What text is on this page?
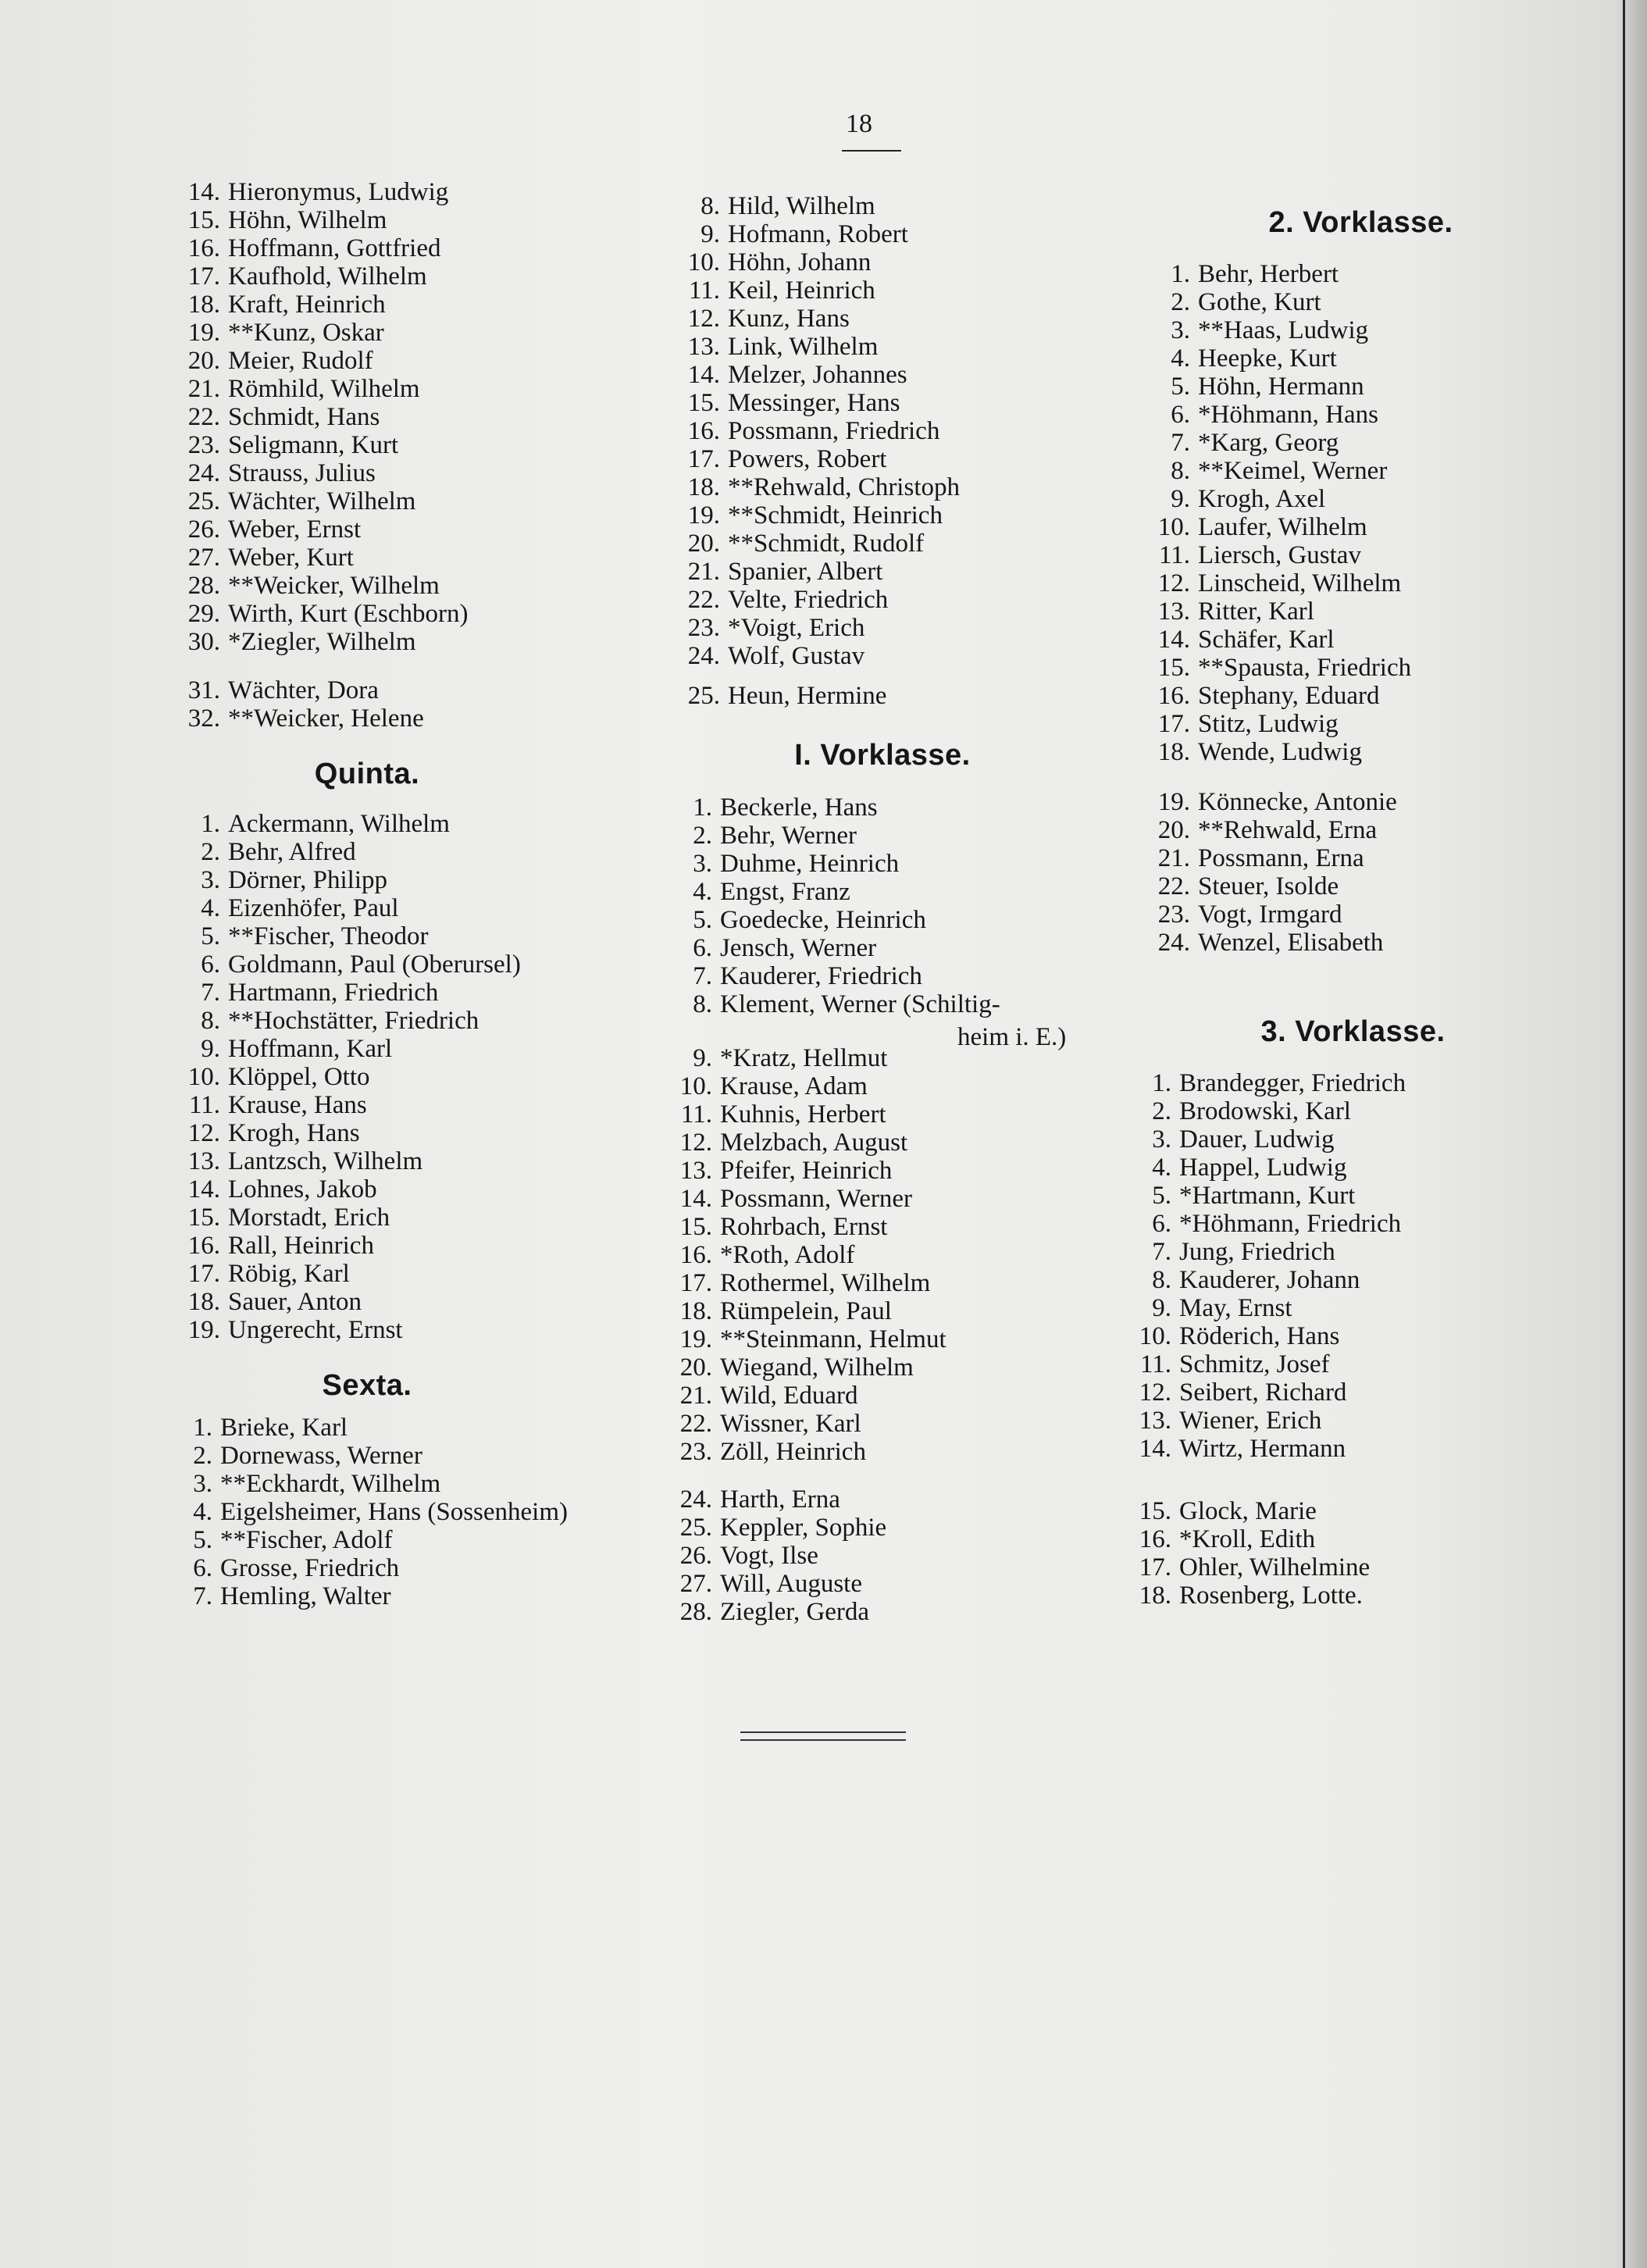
18
14. Hieronymus, Ludwig
15. Höhn, Wilhelm
16. Hoffmann, Gottfried
17. Kaufhold, Wilhelm
18. Kraft, Heinrich
19. **Kunz, Oskar
20. Meier, Rudolf
21. Römhild, Wilhelm
22. Schmidt, Hans
23. Seligmann, Kurt
24. Strauss, Julius
25. Wächter, Wilhelm
26. Weber, Ernst
27. Weber, Kurt
28. **Weicker, Wilhelm
29. Wirth, Kurt (Eschborn)
30. *Ziegler, Wilhelm
31. Wächter, Dora
32. **Weicker, Helene
Quinta.
1. Ackermann, Wilhelm
2. Behr, Alfred
3. Dörner, Philipp
4. Eizenhöfer, Paul
5. **Fischer, Theodor
6. Goldmann, Paul (Oberursel)
7. Hartmann, Friedrich
8. **Hochstätter, Friedrich
9. Hoffmann, Karl
10. Klöppel, Otto
11. Krause, Hans
12. Krogh, Hans
13. Lantzsch, Wilhelm
14. Lohnes, Jakob
15. Morstadt, Erich
16. Rall, Heinrich
17. Röbig, Karl
18. Sauer, Anton
19. Ungerecht, Ernst
Sexta.
1. Brieke, Karl
2. Dornewass, Werner
3. **Eckhardt, Wilhelm
4. Eigelsheimer, Hans (Sossenheim)
5. **Fischer, Adolf
6. Grosse, Friedrich
7. Hemling, Walter
8. Hild, Wilhelm
9. Hofmann, Robert
10. Höhn, Johann
11. Keil, Heinrich
12. Kunz, Hans
13. Link, Wilhelm
14. Melzer, Johannes
15. Messinger, Hans
16. Possmann, Friedrich
17. Powers, Robert
18. **Rehwald, Christoph
19. **Schmidt, Heinrich
20. **Schmidt, Rudolf
21. Spanier, Albert
22. Velte, Friedrich
23. *Voigt, Erich
24. Wolf, Gustav
25. Heun, Hermine
I. Vorklasse.
1. Beckerle, Hans
2. Behr, Werner
3. Duhme, Heinrich
4. Engst, Franz
5. Goedecke, Heinrich
6. Jensch, Werner
7. Kauderer, Friedrich
8. Klement, Werner (Schiltig-
heim i. E.)
9. *Kratz, Hellmut
10. Krause, Adam
11. Kuhnis, Herbert
12. Melzbach, August
13. Pfeifer, Heinrich
14. Possmann, Werner
15. Rohrbach, Ernst
16. *Roth, Adolf
17. Rothermel, Wilhelm
18. Rümpelein, Paul
19. **Steinmann, Helmut
20. Wiegand, Wilhelm
21. Wild, Eduard
22. Wissner, Karl
23. Zöll, Heinrich
24. Harth, Erna
25. Keppler, Sophie
26. Vogt, Ilse
27. Will, Auguste
28. Ziegler, Gerda
2. Vorklasse.
1. Behr, Herbert
2. Gothe, Kurt
3. **Haas, Ludwig
4. Heepke, Kurt
5. Höhn, Hermann
6. *Höhmann, Hans
7. *Karg, Georg
8. **Keimel, Werner
9. Krogh, Axel
10. Laufer, Wilhelm
11. Liersch, Gustav
12. Linscheid, Wilhelm
13. Ritter, Karl
14. Schäfer, Karl
15. **Spausta, Friedrich
16. Stephany, Eduard
17. Stitz, Ludwig
18. Wende, Ludwig
19. Könnecke, Antonie
20. **Rehwald, Erna
21. Possmann, Erna
22. Steuer, Isolde
23. Vogt, Irmgard
24. Wenzel, Elisabeth
3. Vorklasse.
1. Brandegger, Friedrich
2. Brodowski, Karl
3. Dauer, Ludwig
4. Happel, Ludwig
5. *Hartmann, Kurt
6. *Höhmann, Friedrich
7. Jung, Friedrich
8. Kauderer, Johann
9. May, Ernst
10. Röderich, Hans
11. Schmitz, Josef
12. Seibert, Richard
13. Wiener, Erich
14. Wirtz, Hermann
15. Glock, Marie
16. *Kroll, Edith
17. Ohler, Wilhelmine
18. Rosenberg, Lotte.
